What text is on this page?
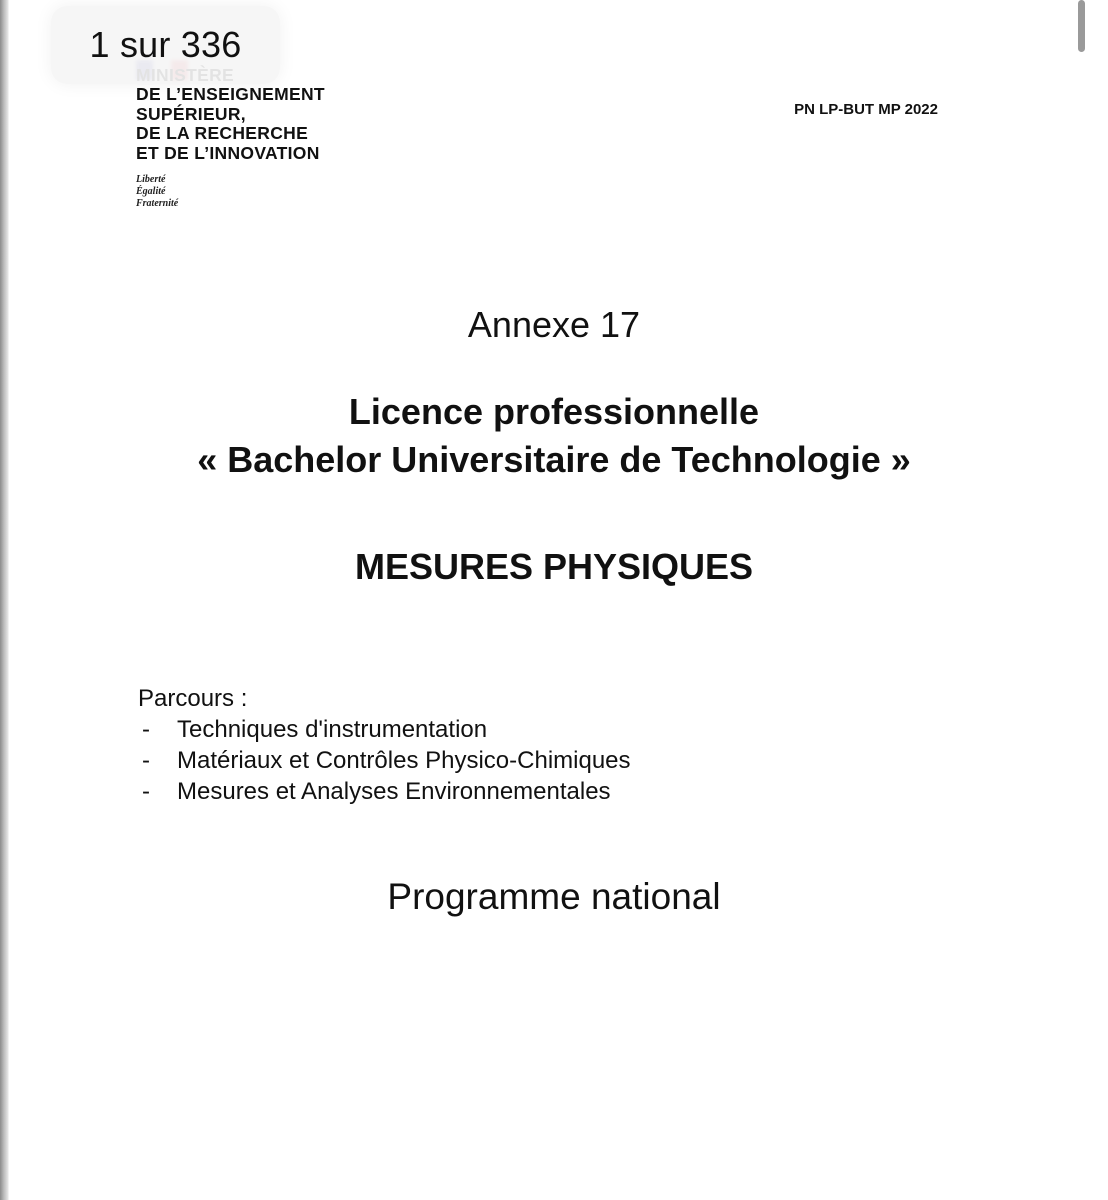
1 sur 336
DE L’ENSEIGNEMENT
SUPÉRIEUR,
DE LA RECHERCHE
ET DE L’INNOVATION
Liberté
Égalité
Fraternité
PN LP-BUT MP 2022
Annexe 17
Licence professionnelle
« Bachelor Universitaire de Technologie »
MESURES PHYSIQUES
Parcours :
-	Techniques d'instrumentation
-	Matériaux et Contrôles Physico-Chimiques
-	Mesures et Analyses Environnementales
Programme national
